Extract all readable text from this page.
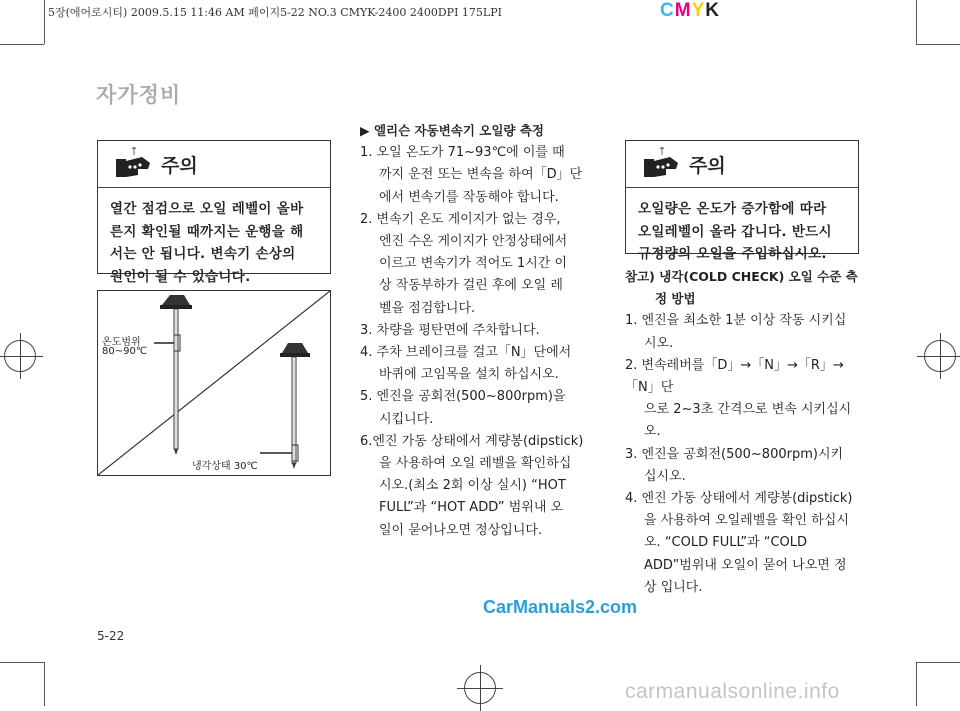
5장(에어로시티) 2009.5.15 11:46 AM 페이지5-22 NO.3 CMYK-2400 2400DPI 175LPI	CMYK
자가정비
주의
열간 점검으로 오일 레벨이 올바
른지 확인될 때까지는 운행을 해
서는 안 됩니다. 변속기 손상의
원인이 될 수 있습니다.
온도범위
80~90℃
냉각상태 30℃
▶ 엘리슨 자동변속기 오일량 측정
1. 오일 온도가 71~93℃에 이를 때
까지 운전 또는 변속을 하여「D」단
에서 변속기를 작동해야 합니다.
2. 변속기 온도 게이지가 없는 경우,
엔진 수온 게이지가 안정상태에서
이르고 변속기가 적어도 1시간 이
상 작동부하가 걸린 후에 오일 레
벨을 점검합니다.
3. 차량을 평탄면에 주차합니다.
4. 주차 브레이크를 걸고「N」단에서
바퀴에 고임목을 설치 하십시오.
5. 엔진을 공회전(500~800rpm)을
시킵니다.
6.엔진 가동 상태에서 계량봉(dipstick)
을 사용하여 오일 레벨을 확인하십
시오.(최소 2회 이상 실시) “HOT
FULL”과 “HOT ADD” 범위내 오
일이 묻어나오면 정상입니다.
주의
오일량은 온도가 증가함에 따라
오일레벨이 올라 갑니다. 반드시
규정량의 오일을 주입하십시오.
참고) 냉각(COLD CHECK) 오일 수준 측
정 방법
1. 엔진을 최소한 1분 이상 작동 시키십
시오.
2. 변속레버를「D」→「N」→「R」→「N」단
으로 2~3초 간격으로 변속 시키십시
오.
3. 엔진을 공회전(500~800rpm)시키
십시오.
4. 엔진 가동 상태에서 계량봉(dipstick)
을 사용하여 오일레벨을 확인 하십시
오. “COLD FULL”과 “COLD
ADD”범위내 오일이 묻어 나오면 정
상 입니다.
CarManuals2.com
5-22
carmanualsonline.info
